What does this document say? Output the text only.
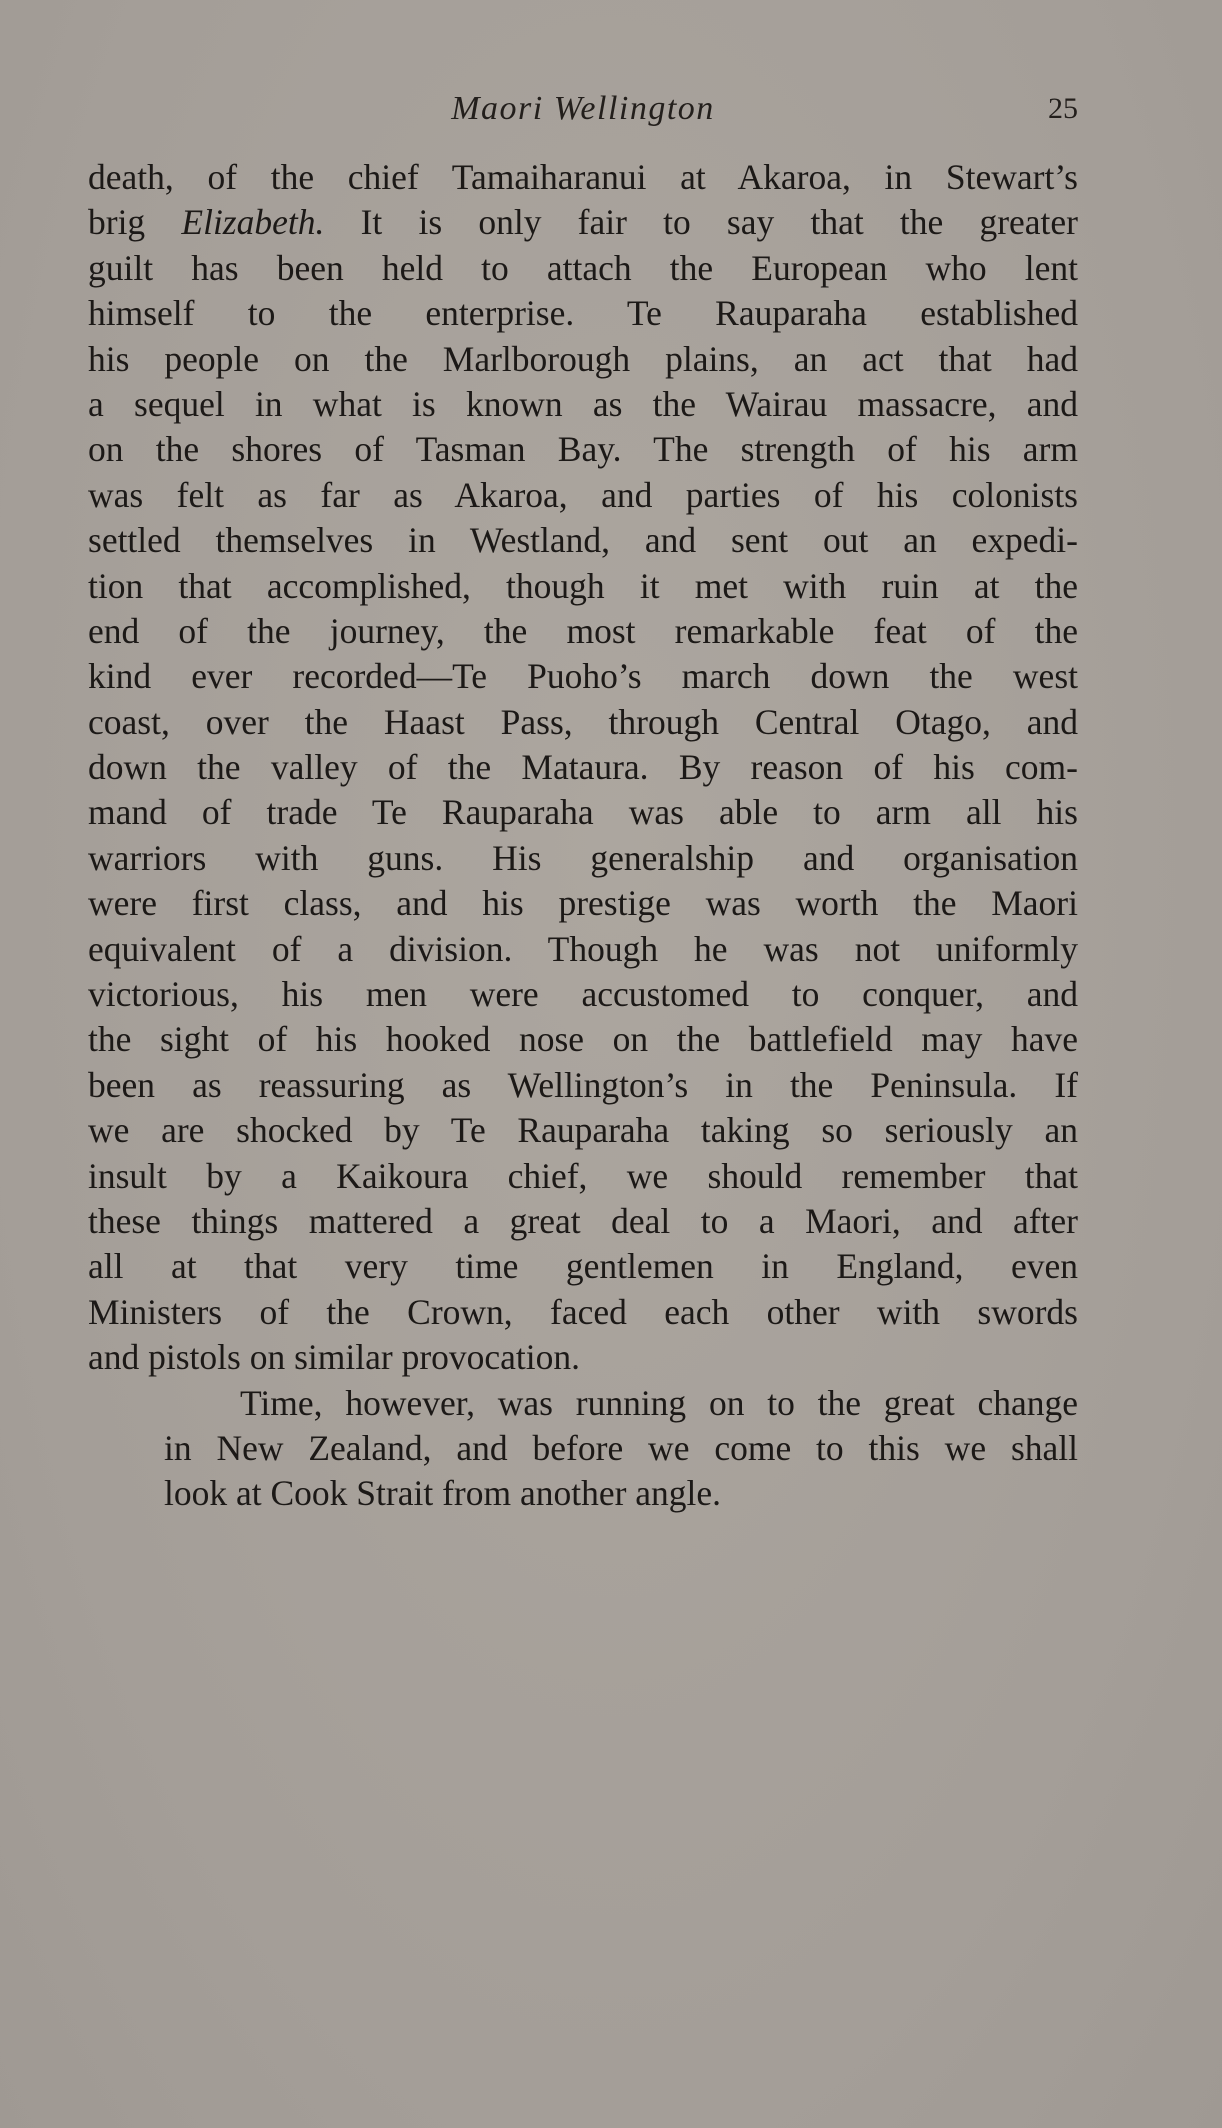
Maori Wellington	25
death, of the chief Tamaiharanui at Akaroa, in Stewart’s
brig Elizabeth. It is only fair to say that the greater
guilt has been held to attach the European who lent
himself to the enterprise. Te Rauparaha established
his people on the Marlborough plains, an act that had
a sequel in what is known as the Wairau massacre, and
on the shores of Tasman Bay. The strength of his arm
was felt as far as Akaroa, and parties of his colonists
settled themselves in Westland, and sent out an expedi-
tion that accomplished, though it met with ruin at the
end of the journey, the most remarkable feat of the
kind ever recorded—Te Puoho’s march down the west
coast, over the Haast Pass, through Central Otago, and
down the valley of the Mataura. By reason of his com-
mand of trade Te Rauparaha was able to arm all his
warriors with guns. His generalship and organisation
were first class, and his prestige was worth the Maori
equivalent of a division. Though he was not uniformly
victorious, his men were accustomed to conquer, and
the sight of his hooked nose on the battlefield may have
been as reassuring as Wellington’s in the Peninsula. If
we are shocked by Te Rauparaha taking so seriously an
insult by a Kaikoura chief, we should remember that
these things mattered a great deal to a Maori, and after
all at that very time gentlemen in England, even
Ministers of the Crown, faced each other with swords
and pistols on similar provocation.
Time, however, was running on to the great change
in New Zealand, and before we come to this we shall
look at Cook Strait from another angle.
